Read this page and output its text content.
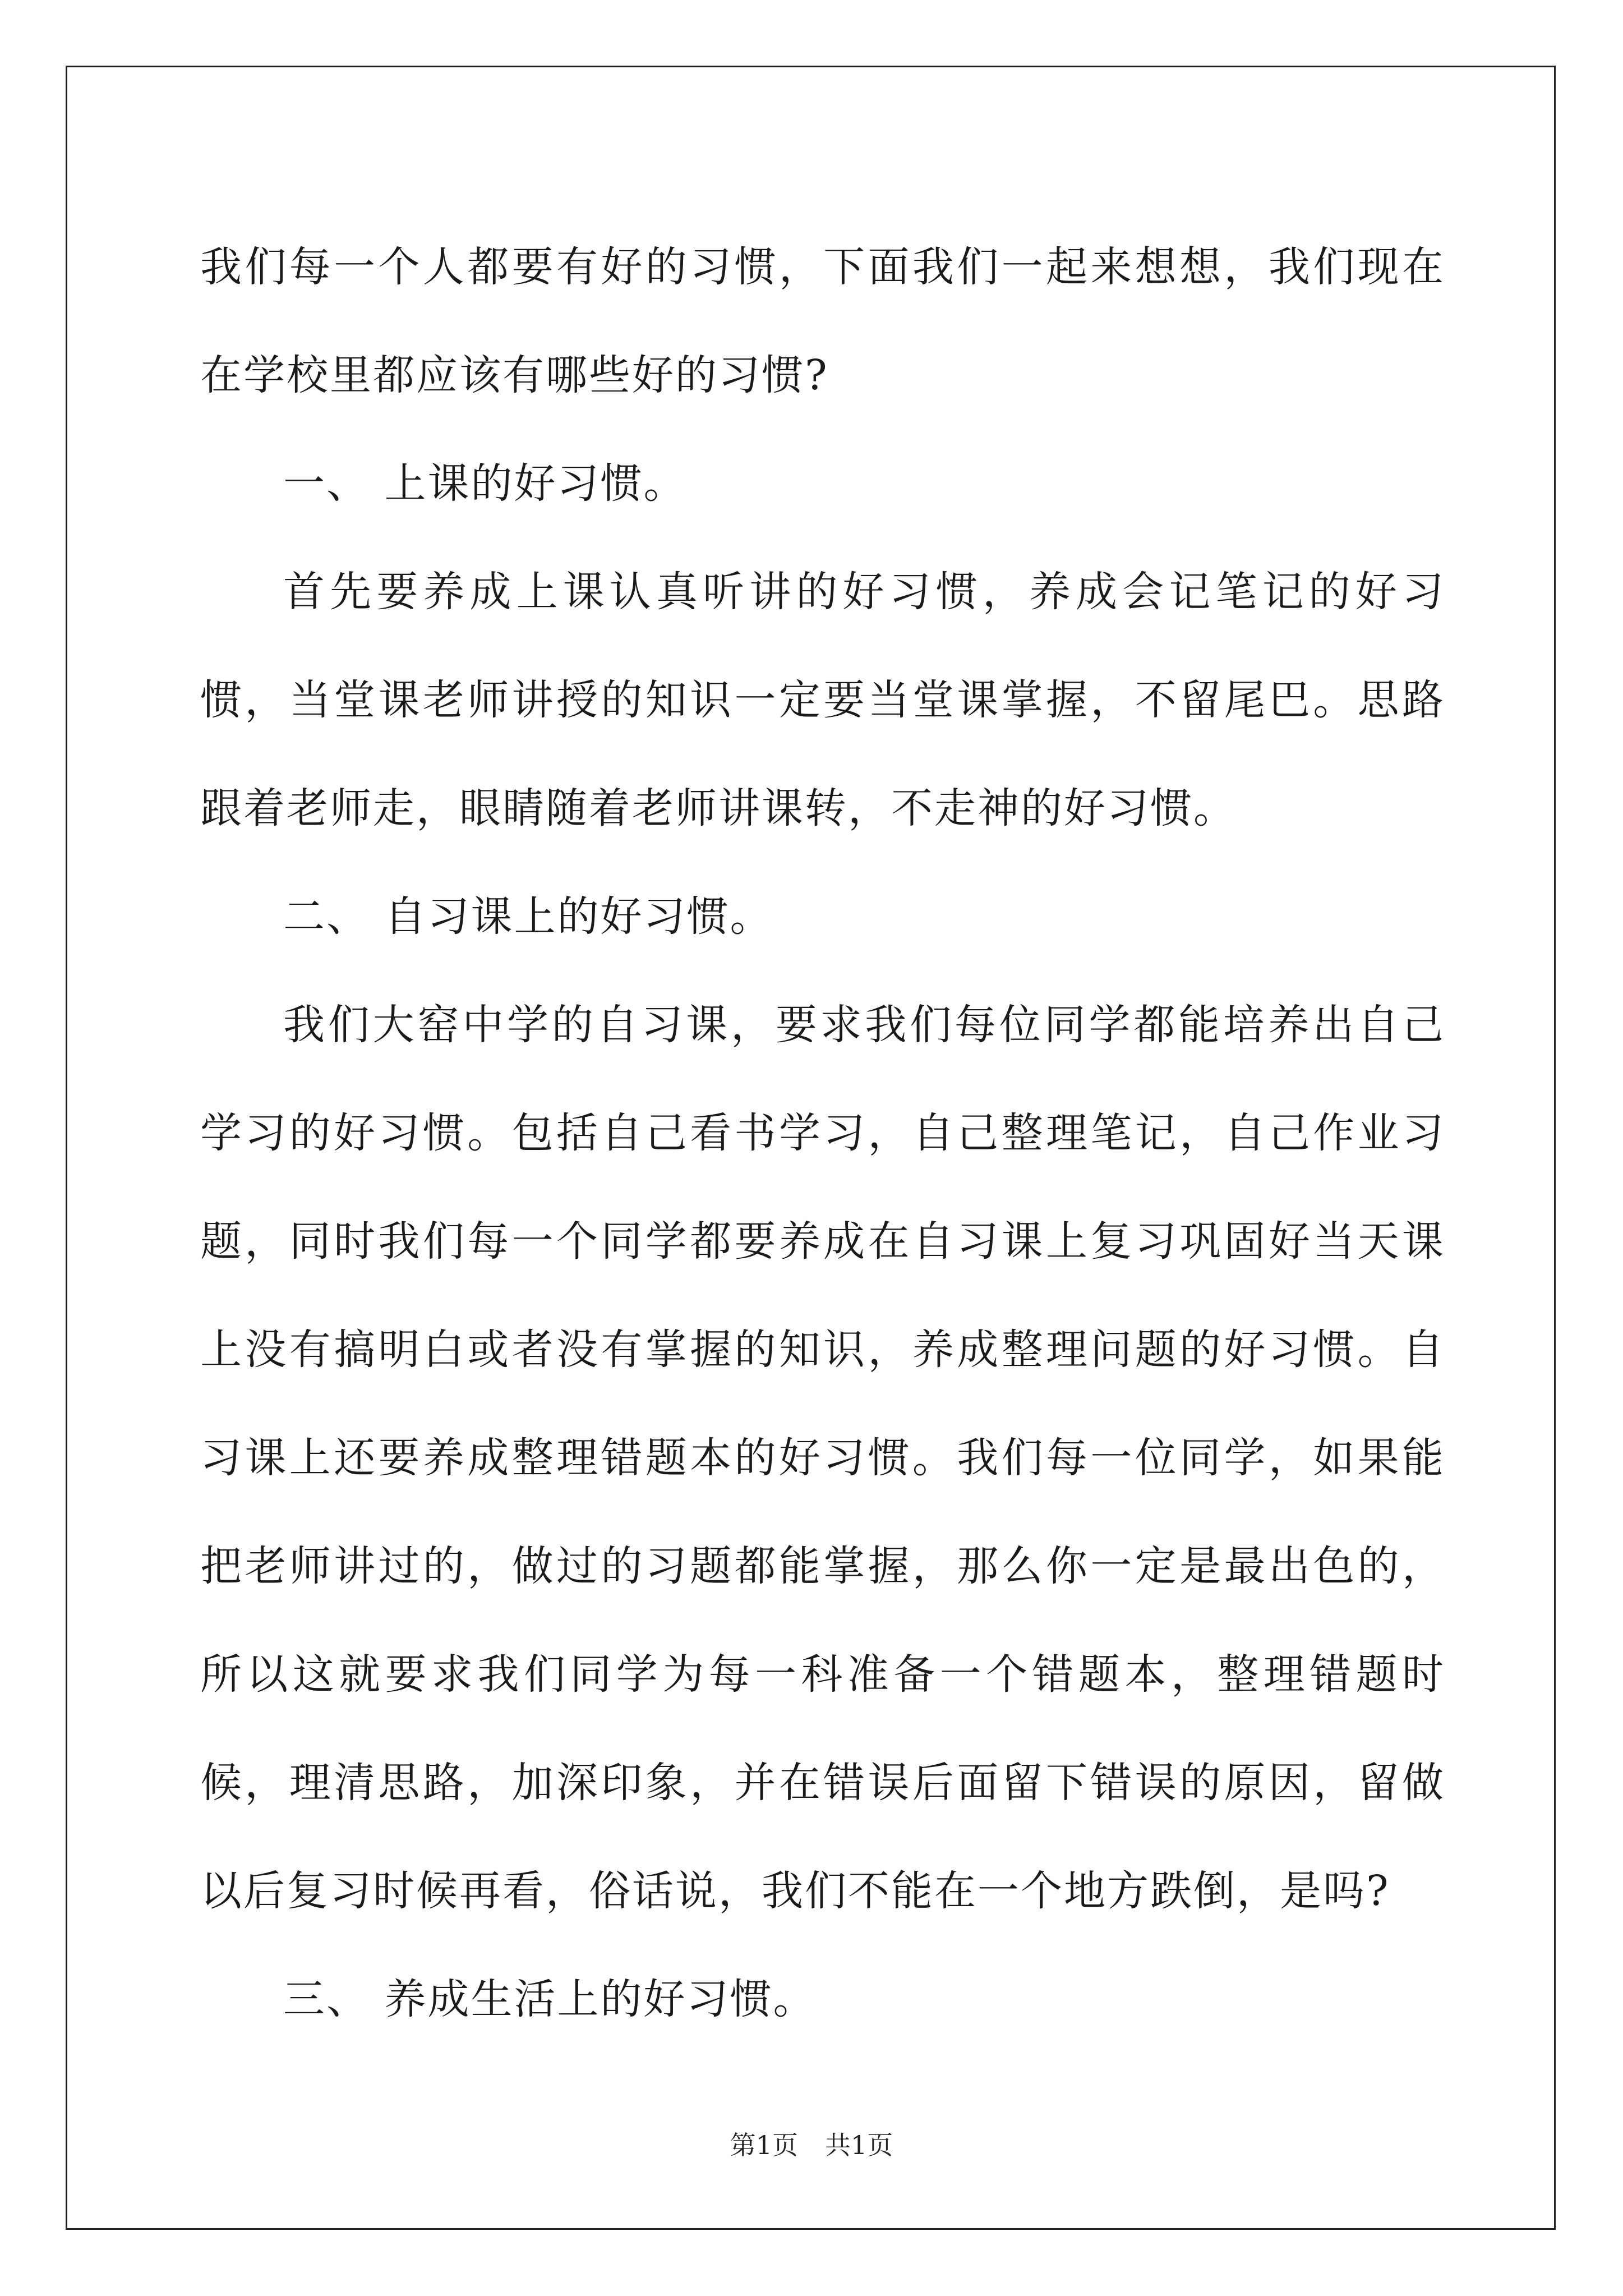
我们每一个人都要有好的习惯，下面我们一起来想想，我们现在在学校里都应该有哪些好的习惯?

一、 上课的好习惯。

首先要养成上课认真听讲的好习惯，养成会记笔记的好习惯，当堂课老师讲授的知识一定要当堂课掌握，不留尾巴。思路跟着老师走，眼睛随着老师讲课转，不走神的好习惯。

二、 自习课上的好习惯。

我们大窑中学的自习课，要求我们每位同学都能培养出自己学习的好习惯。包括自己看书学习，自己整理笔记，自己作业习题，同时我们每一个同学都要养成在自习课上复习巩固好当天课上没有搞明白或者没有掌握的知识，养成整理问题的好习惯。自习课上还要养成整理错题本的好习惯。我们每一位同学，如果能把老师讲过的，做过的习题都能掌握，那么你一定是最出色的，所以这就要求我们同学为每一科准备一个错题本，整理错题时候，理清思路，加深印象，并在错误后面留下错误的原因，留做以后复习时候再看，俗话说，我们不能在一个地方跌倒，是吗?

三、 养成生活上的好习惯。

第1页 共1页
